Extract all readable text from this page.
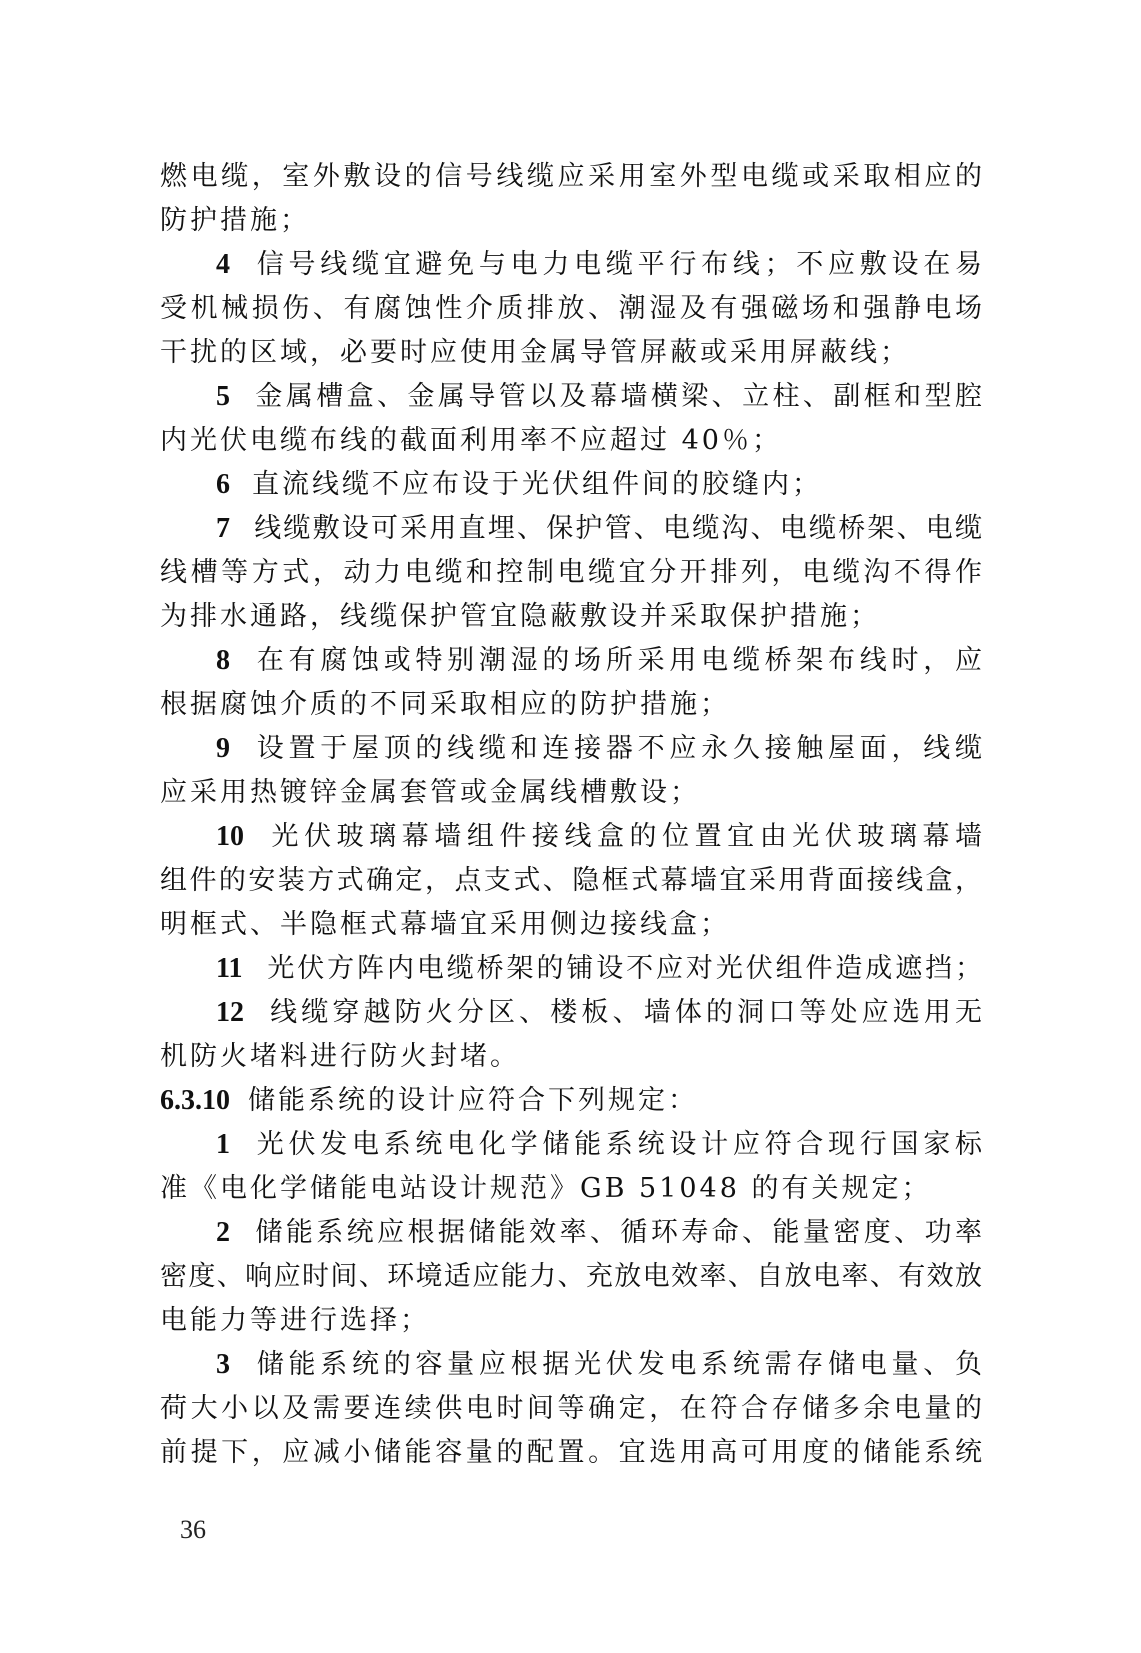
燃电缆，室外敷设的信号线缆应采用室外型电缆或采取相应的
防护措施；
4 信号线缆宜避免与电力电缆平行布线；不应敷设在易
受机械损伤、有腐蚀性介质排放、潮湿及有强磁场和强静电场
干扰的区域，必要时应使用金属导管屏蔽或采用屏蔽线；
5 金属槽盒、金属导管以及幕墙横梁、立柱、副框和型腔
内光伏电缆布线的截面利用率不应超过 40％；
6 直流线缆不应布设于光伏组件间的胶缝内；
7 线缆敷设可采用直埋、保护管、电缆沟、电缆桥架、电缆
线槽等方式，动力电缆和控制电缆宜分开排列，电缆沟不得作
为排水通路，线缆保护管宜隐蔽敷设并采取保护措施；
8 在有腐蚀或特别潮湿的场所采用电缆桥架布线时，应
根据腐蚀介质的不同采取相应的防护措施；
9 设置于屋顶的线缆和连接器不应永久接触屋面，线缆
应采用热镀锌金属套管或金属线槽敷设；
10 光伏玻璃幕墙组件接线盒的位置宜由光伏玻璃幕墙
组件的安装方式确定，点支式、隐框式幕墙宜采用背面接线盒，
明框式、半隐框式幕墙宜采用侧边接线盒；
11 光伏方阵内电缆桥架的铺设不应对光伏组件造成遮挡；
12 线缆穿越防火分区、楼板、墙体的洞口等处应选用无
机防火堵料进行防火封堵。
6.3.10 储能系统的设计应符合下列规定：
1 光伏发电系统电化学储能系统设计应符合现行国家标
准《电化学储能电站设计规范》GB 51048 的有关规定；
2 储能系统应根据储能效率、循环寿命、能量密度、功率
密度、响应时间、环境适应能力、充放电效率、自放电率、有效放
电能力等进行选择；
3 储能系统的容量应根据光伏发电系统需存储电量、负
荷大小以及需要连续供电时间等确定，在符合存储多余电量的
前提下，应减小储能容量的配置。宜选用高可用度的储能系统
36
